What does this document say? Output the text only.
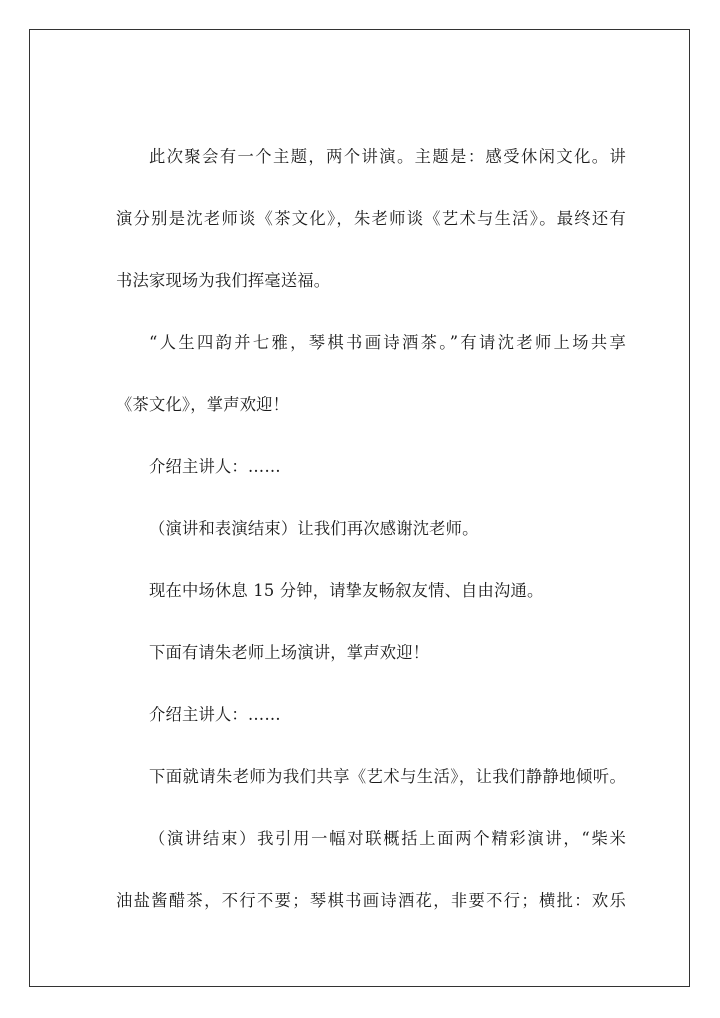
此次聚会有一个主题，两个讲演。主题是：感受休闲文化。讲

演分别是沈老师谈《茶文化》，朱老师谈《艺术与生活》。最终还有

书法家现场为我们挥毫送福。

“人生四韵并七雅，琴棋书画诗酒茶。”有请沈老师上场共享

《茶文化》，掌声欢迎！

介绍主讲人：……

（演讲和表演结束）让我们再次感谢沈老师。

现在中场休息 15 分钟，请挚友畅叙友情、自由沟通。

下面有请朱老师上场演讲，掌声欢迎！

介绍主讲人：……

下面就请朱老师为我们共享《艺术与生活》，让我们静静地倾听。

（演讲结束）我引用一幅对联概括上面两个精彩演讲，“柴米

油盐酱醋茶，不行不要；琴棋书画诗酒花，非要不行；横批：欢乐
